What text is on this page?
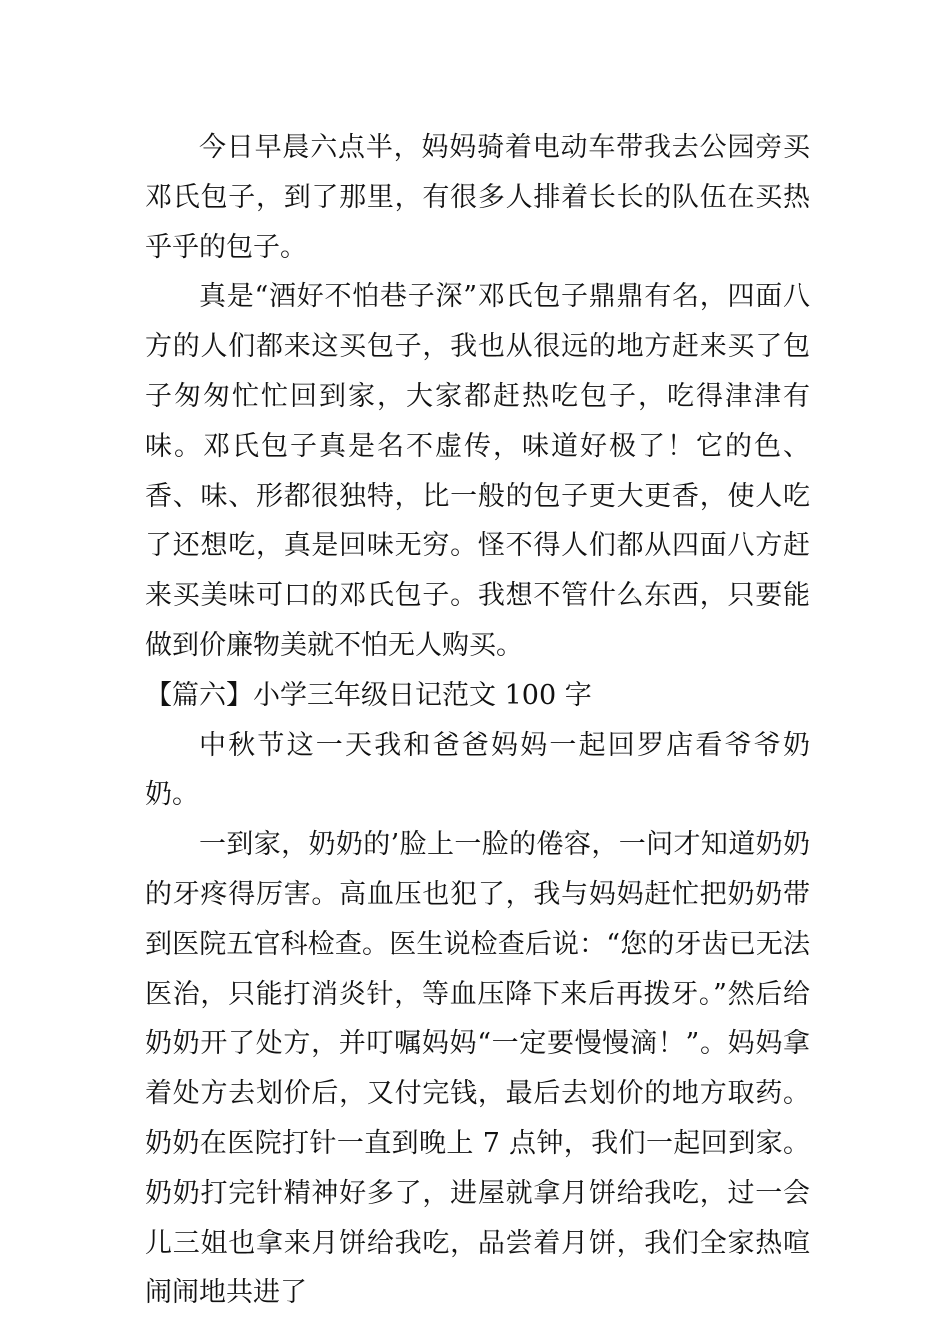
今日早晨六点半，妈妈骑着电动车带我去公园旁买邓氏包子，到了那里，有很多人排着长长的队伍在买热乎乎的包子。

真是“酒好不怕巷子深”邓氏包子鼎鼎有名，四面八方的人们都来这买包子，我也从很远的地方赶来买了包子匆匆忙忙回到家，大家都赶热吃包子，吃得津津有味。邓氏包子真是名不虚传，味道好极了！它的色、香、味、形都很独特，比一般的包子更大更香，使人吃了还想吃，真是回味无穷。怪不得人们都从四面八方赶来买美味可口的邓氏包子。我想不管什么东西，只要能做到价廉物美就不怕无人购买。

【篇六】小学三年级日记范文 100 字

中秋节这一天我和爸爸妈妈一起回罗店看爷爷奶奶。

一到家，奶奶的’脸上一脸的倦容，一问才知道奶奶的牙疼得厉害。高血压也犯了，我与妈妈赶忙把奶奶带到医院五官科检查。医生说检查后说：“您的牙齿已无法医治，只能打消炎针，等血压降下来后再拨牙。”然后给奶奶开了处方，并叮嘱妈妈“一定要慢慢滴！”。妈妈拿着处方去划价后，又付完钱，最后去划价的地方取药。奶奶在医院打针一直到晚上 7 点钟，我们一起回到家。奶奶打完针精神好多了，进屋就拿月饼给我吃，过一会儿三姐也拿来月饼给我吃，品尝着月饼，我们全家热喧闹闹地共进了
